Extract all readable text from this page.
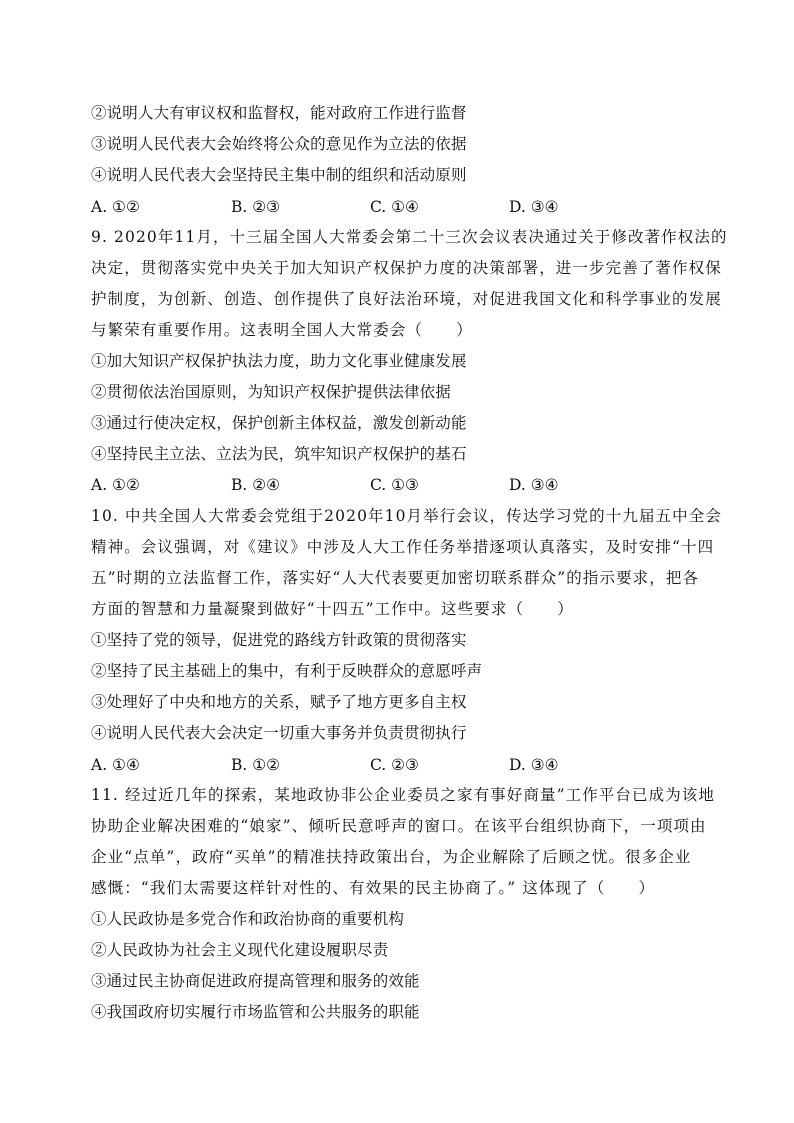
②说明人大有审议权和监督权，能对政府工作进行监督
③说明人民代表大会始终将公众的意见作为立法的依据
④说明人民代表大会坚持民主集中制的组织和活动原则
A. ①②	B. ②③	C. ①④	D. ③④
9. 2020年11月，十三届全国人大常委会第二十三次会议表决通过关于修改著作权法的
决定，贯彻落实党中央关于加大知识产权保护力度的决策部署，进一步完善了著作权保
护制度，为创新、创造、创作提供了良好法治环境，对促进我国文化和科学事业的发展
与繁荣有重要作用。这表明全国人大常委会（　　）
①加大知识产权保护执法力度，助力文化事业健康发展
②贯彻依法治国原则，为知识产权保护提供法律依据
③通过行使决定权，保护创新主体权益，激发创新动能
④坚持民主立法、立法为民，筑牢知识产权保护的基石
A. ①②	B. ②④	C. ①③	D. ③④
10. 中共全国人大常委会党组于2020年10月举行会议，传达学习党的十九届五中全会
精神。会议强调，对《建议》中涉及人大工作任务举措逐项认真落实，及时安排“十四
五”时期的立法监督工作，落实好“人大代表要更加密切联系群众”的指示要求，把各
方面的智慧和力量凝聚到做好“十四五”工作中。这些要求（　　）
①坚持了党的领导，促进党的路线方针政策的贯彻落实
②坚持了民主基础上的集中，有利于反映群众的意愿呼声
③处理好了中央和地方的关系，赋予了地方更多自主权
④说明人民代表大会决定一切重大事务并负责贯彻执行
A. ①④	B. ①②	C. ②③	D. ③④
11. 经过近几年的探索，某地政协非公企业委员之家有事好商量”工作平台已成为该地
协助企业解决困难的“娘家”、倾听民意呼声的窗口。在该平台组织协商下，一项项由
企业“点单”，政府“买单”的精准扶持政策出台，为企业解除了后顾之忧。很多企业
感慨：“我们太需要这样针对性的、有效果的民主协商了。” 这体现了（　　）
①人民政协是多党合作和政治协商的重要机构
②人民政协为社会主义现代化建设履职尽责
③通过民主协商促进政府提高管理和服务的效能
④我国政府切实履行市场监管和公共服务的职能
